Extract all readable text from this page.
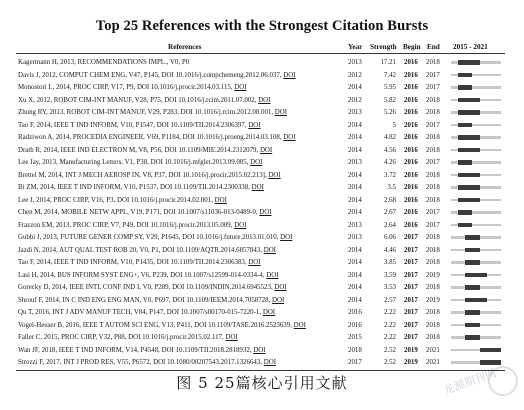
Top 25 References with the Strongest Citation Bursts
References	Year Strength Begin End 2015 - 2021
Kagermann H, 2013, RECOMMENDATIONS IMPL., V0, P0	2013	17.21 2016	2018
Davis J, 2012, COMPUT CHEM ENG, V47, P145, DOI 10.1016/j.compchemeng.2012.06.037, DOI	2012	7.42 2016	2017
Monostori L, 2014, PROC CIRP, V17, P9, DOI 10.1016/j.procir.2014.03.115, DOI	2014	5.95 2016	2017
Xu X, 2012, ROBOT CIM-INT MANUF, V28, P75, DOI 10.1016/j.rcim.2011.07.002, DOI	2012	5.82 2016	2018
Zhong RY, 2013, ROBOT CIM-INT MANUF, V29, P283, DOI 10.1016/j.rcim.2012.08.001, DOI	2013	5.26 2016	2018
Tao F, 2014, IEEE T IND INFORM, V10, P1547, DOI 10.1109/TII.2014.2306397, DOI	2014	5 2016	2017
Radziwon A, 2014, PROCEDIA ENGINEER, V69, P1184, DOI 10.1016/j.proeng.2014.03.108, DOI	2014	4.82 2016	2018
Drath R, 2014, IEEE IND ELECTRON M, V8, P56, DOI 10.1109/MIE.2014.2312079, DOI	2014	4.56 2016	2018
Lee Jay, 2013, Manufacturing Letters, V1, P38, DOI 10.1016/j.mfglet.2013.09.005, DOI	2013	4.26 2016	2017
Brettel M, 2014, INT J MECH AEROSP IN, V8, P37, DOI 10.1016/j.procir.2015.02.213], DOI	2014	3.72 2016	2018
Bi ZM, 2014, IEEE T IND INFORM, V10, P1537, DOI 10.1109/TII.2014.2300338, DOI	2014	3.5 2016	2018
Lee J, 2014, PROC CIRP, V16, P3, DOI 10.1016/j.procir.2014.02.001, DOI	2014	2.68 2016	2018
Chen M, 2014, MOBILE NETW APPL, V19, P171, DOI 10.1007/s11036-013-0489-0, DOI	2014	2.67 2016	2017
Frazzon EM, 2013, PROC CIRP, V7, P49, DOI 10.1016/j.procir.2013.05.009, DOI	2013	2.64 2016	2017
Gubbi J, 2013, FUTURE GENER COMP SY, V29, P1645, DOI 10.1016/j.future.2013.01.010, DOI	2013	6.06 2017	2018
Jazdi N, 2014, AUT QUAL TEST ROB 20, V0, P1, DOI 10.1109/AQTR.2014.6857843, DOI	2014	4.46 2017	2018
Tao F, 2014, IEEE T IND INFORM, V10, P1435, DOI 10.1109/TII.2014.2306383, DOI	2014	3.85 2017	2018
Lasi H, 2014, BUS INFORM SYST ENG+, V6, P239, DOI 10.1007/s12599-014-0334-4, DOI	2014	3.59 2017	2019
Gorecky D, 2014, IEEE INTL CONF IND I, V0, P289, DOI 10.1109/INDIN.2014.6945523, DOI	2014	3.53 2017	2018
Shrouf F, 2014, IN C IND ENG ENG MAN, V0, P697, DOI 10.1109/IEEM.2014.7058728, DOI	2014	2.57 2017	2019
Qu T, 2016, INT J ADV MANUF TECH, V84, P147, DOI 10.1007/s00170-015-7220-1, DOI	2016	2.22 2017	2018
Vogel-Heuser B, 2016, IEEE T AUTOM SCI ENG, V13, P411, DOI 10.1109/TASE.2016.2523639, DOI	2016	2.22 2017	2018
Faller C, 2015, PROC CIRP, V32, P88, DOI 10.1016/j.procir.2015.02.117, DOI	2015	2.22 2017	2018
Wan JF, 2018, IEEE T IND INFORM, V14, P4548, DOI 10.1109/TII.2018.2818932, DOI	2018	2.52 2019	2021
Strozzi F, 2017, INT J PROD RES, V55, P6572, DOI 10.1080/00207543.2017.1326643, DOI	2017	2.52 2019	2021
图 5 25篇核心引用文献	龙源期刊网
